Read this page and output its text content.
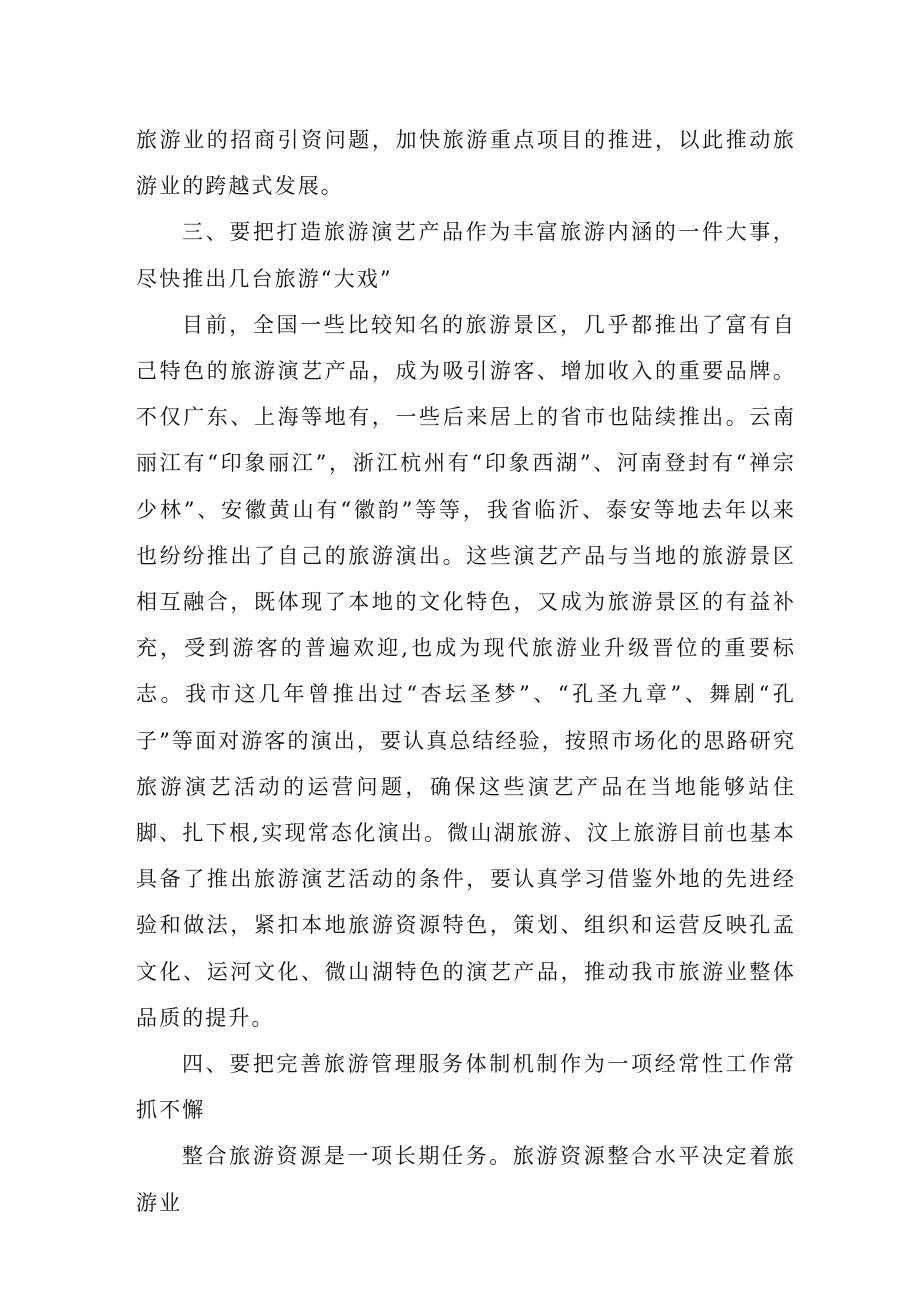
旅游业的招商引资问题，加快旅游重点项目的推进，以此推动旅游业的跨越式发展。

三、要把打造旅游演艺产品作为丰富旅游内涵的一件大事，尽快推出几台旅游“大戏”

目前，全国一些比较知名的旅游景区，几乎都推出了富有自己特色的旅游演艺产品，成为吸引游客、增加收入的重要品牌。不仅广东、上海等地有，一些后来居上的省市也陆续推出。云南丽江有“印象丽江”，浙江杭州有“印象西湖”、河南登封有“禅宗少林”、安徽黄山有“徽韵”等等，我省临沂、泰安等地去年以来也纷纷推出了自己的旅游演出。这些演艺产品与当地的旅游景区相互融合，既体现了本地的文化特色，又成为旅游景区的有益补充，受到游客的普遍欢迎,也成为现代旅游业升级晋位的重要标志。我市这几年曾推出过“杏坛圣梦”、“孔圣九章”、舞剧“孔子”等面对游客的演出，要认真总结经验，按照市场化的思路研究旅游演艺活动的运营问题，确保这些演艺产品在当地能够站住脚、扎下根,实现常态化演出。微山湖旅游、汶上旅游目前也基本具备了推出旅游演艺活动的条件，要认真学习借鉴外地的先进经验和做法，紧扣本地旅游资源特色，策划、组织和运营反映孔孟文化、运河文化、微山湖特色的演艺产品，推动我市旅游业整体品质的提升。

四、要把完善旅游管理服务体制机制作为一项经常性工作常抓不懈

整合旅游资源是一项长期任务。旅游资源整合水平决定着旅游业
